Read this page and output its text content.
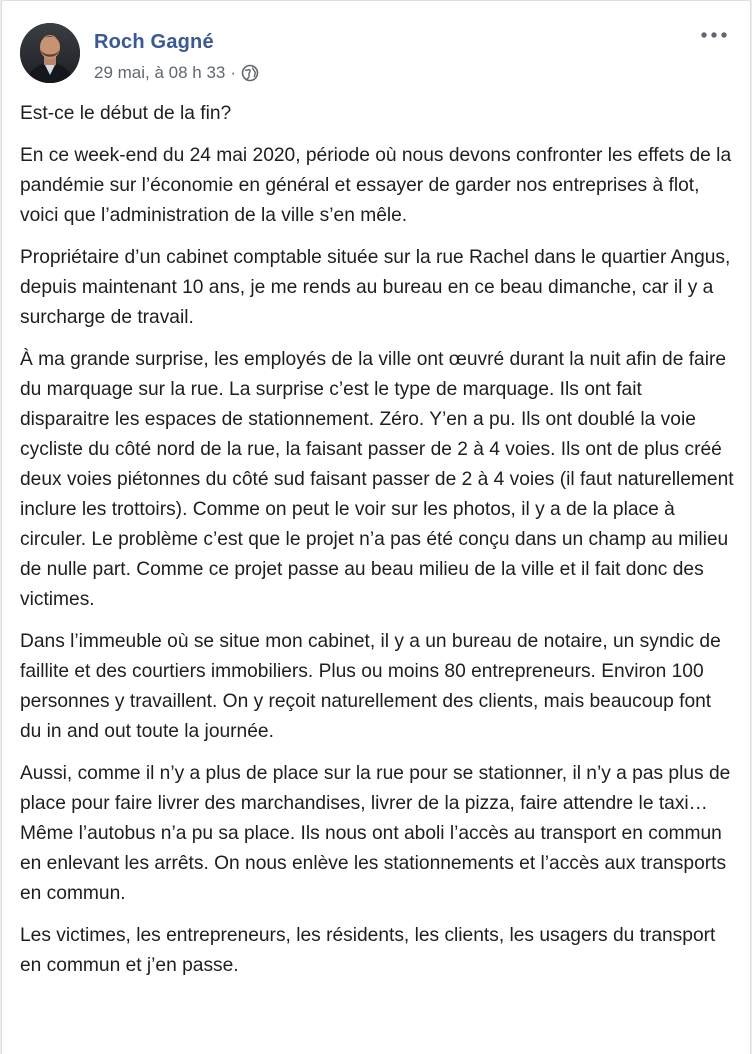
Roch Gagné
29 mai, à 08 h 33 ·

Est-ce le début de la fin?

En ce week-end du 24 mai 2020, période où nous devons confronter les effets de la pandémie sur l’économie en général et essayer de garder nos entreprises à flot, voici que l’administration de la ville s’en mêle.

Propriétaire d’un cabinet comptable située sur la rue Rachel dans le quartier Angus, depuis maintenant 10 ans, je me rends au bureau en ce beau dimanche, car il y a surcharge de travail.

À ma grande surprise, les employés de la ville ont œuvré durant la nuit afin de faire du marquage sur la rue. La surprise c’est le type de marquage. Ils ont fait disparaitre les espaces de stationnement. Zéro. Y’en a pu. Ils ont doublé la voie cycliste du côté nord de la rue, la faisant passer de 2 à 4 voies. Ils ont de plus créé deux voies piétonnes du côté sud faisant passer de 2 à 4 voies (il faut naturellement inclure les trottoirs). Comme on peut le voir sur les photos, il y a de la place à circuler. Le problème c’est que le projet n’a pas été conçu dans un champ au milieu de nulle part. Comme ce projet passe au beau milieu de la ville et il fait donc des victimes.

Dans l’immeuble où se situe mon cabinet, il y a un bureau de notaire, un syndic de faillite et des courtiers immobiliers. Plus ou moins 80 entrepreneurs. Environ 100 personnes y travaillent. On y reçoit naturellement des clients, mais beaucoup font du in and out toute la journée.

Aussi, comme il n’y a plus de place sur la rue pour se stationner, il n’y a pas plus de place pour faire livrer des marchandises, livrer de la pizza, faire attendre le taxi… Même l’autobus n’a pu sa place. Ils nous ont aboli l’accès au transport en commun en enlevant les arrêts. On nous enlève les stationnements et l’accès aux transports en commun.

Les victimes, les entrepreneurs, les résidents, les clients, les usagers du transport en commun et j’en passe.
